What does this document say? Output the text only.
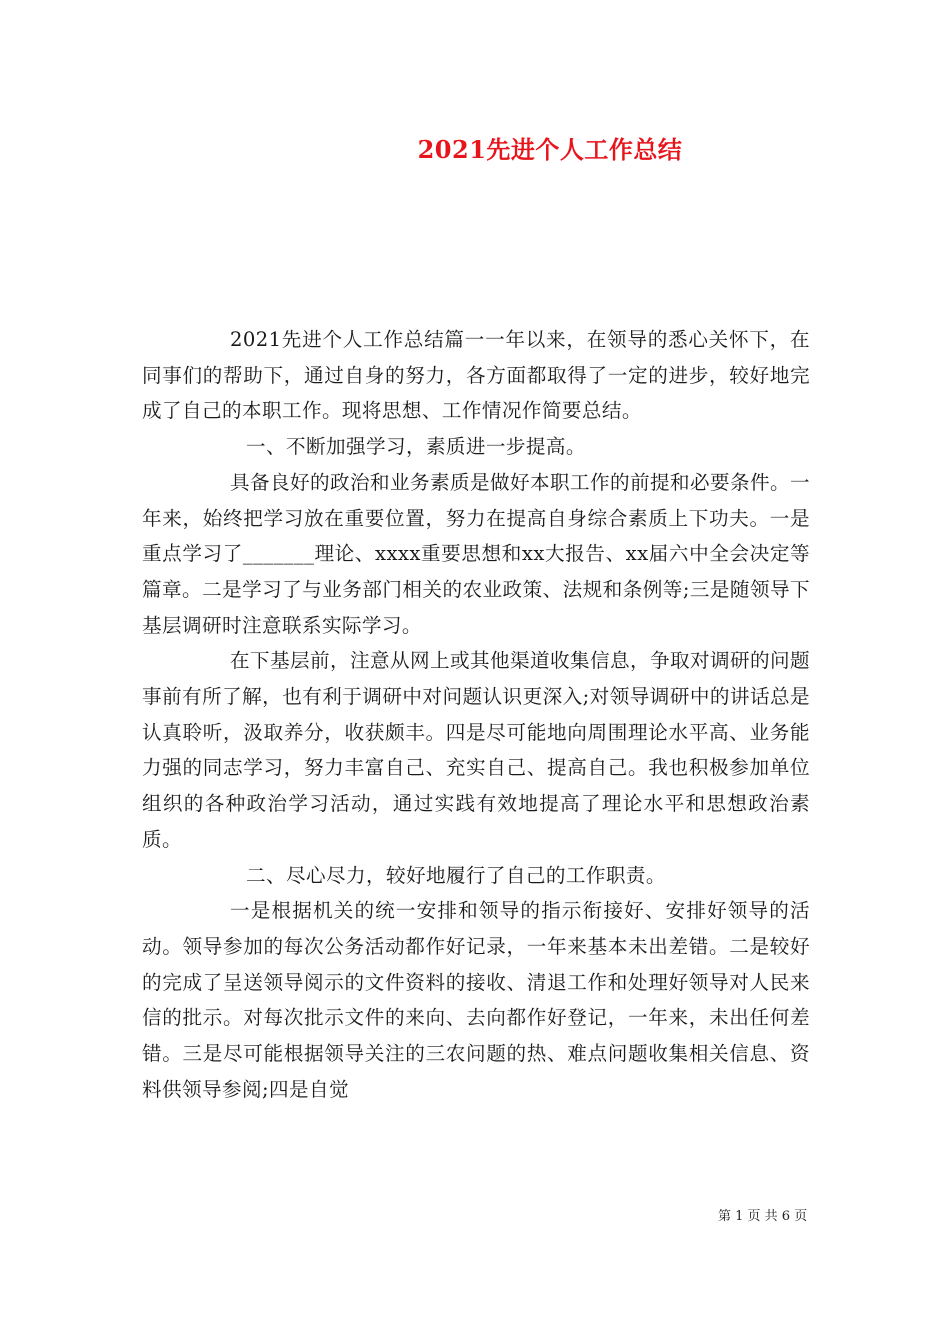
2021先进个人工作总结

2021先进个人工作总结篇一一年以来，在领导的悉心关怀下，在同事们的帮助下，通过自身的努力，各方面都取得了一定的进步，较好地完成了自己的本职工作。现将思想、工作情况作简要总结。

一、不断加强学习，素质进一步提高。

具备良好的政治和业务素质是做好本职工作的前提和必要条件。一年来，始终把学习放在重要位置，努力在提高自身综合素质上下功夫。一是重点学习了_______理论、xxxx重要思想和xx大报告、xx届六中全会决定等篇章。二是学习了与业务部门相关的农业政策、法规和条例等;三是随领导下基层调研时注意联系实际学习。

在下基层前，注意从网上或其他渠道收集信息，争取对调研的问题事前有所了解，也有利于调研中对问题认识更深入;对领导调研中的讲话总是认真聆听，汲取养分，收获颇丰。四是尽可能地向周围理论水平高、业务能力强的同志学习，努力丰富自己、充实自己、提高自己。我也积极参加单位组织的各种政治学习活动，通过实践有效地提高了理论水平和思想政治素质。

二、尽心尽力，较好地履行了自己的工作职责。

一是根据机关的统一安排和领导的指示衔接好、安排好领导的活动。领导参加的每次公务活动都作好记录，一年来基本未出差错。二是较好的完成了呈送领导阅示的文件资料的接收、清退工作和处理好领导对人民来信的批示。对每次批示文件的来向、去向都作好登记，一年来，未出任何差错。三是尽可能根据领导关注的三农问题的热、难点问题收集相关信息、资料供领导参阅;四是自觉

第 1 页 共 6 页
